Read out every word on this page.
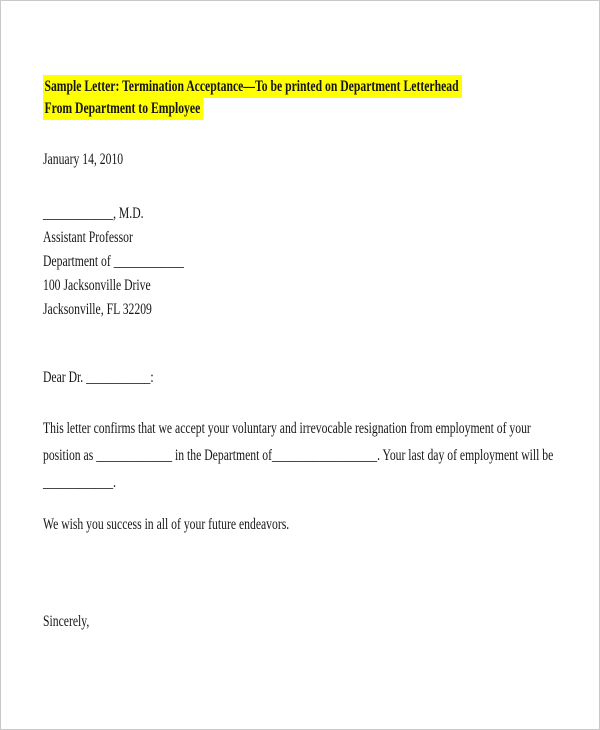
Sample Letter: Termination Acceptance—To be printed on Department Letterhead
From Department to Employee
January 14, 2010
____________, M.D.
Assistant Professor
Department of ____________
100 Jacksonville Drive
Jacksonville, FL 32209
Dear Dr. ___________:
This letter confirms that we accept your voluntary and irrevocable resignation from employment of your
position as _____________ in the Department of__________________. Your last day of employment will be
____________.
We wish you success in all of your future endeavors.
Sincerely,
